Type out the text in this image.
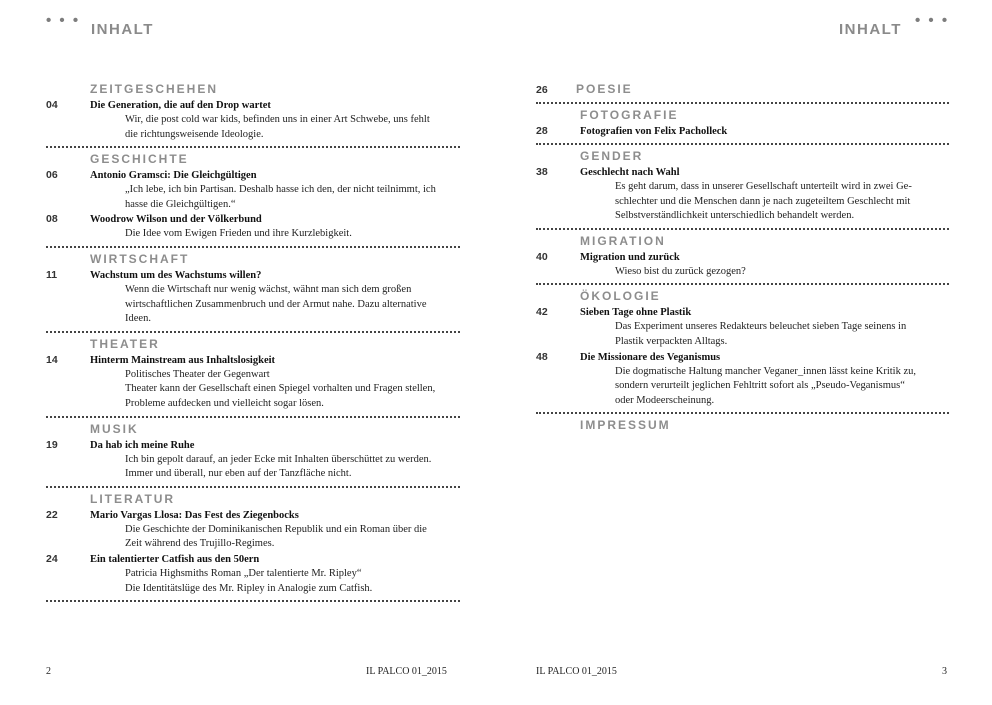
• • •
INHALT
ZEITGESCHEHEN
04	Die Generation, die auf den Drop wartet
Wir, die post cold war kids, befinden uns in einer Art Schwebe, uns fehlt
die richtungsweisende Ideologie.
GESCHICHTE
06	Antonio Gramsci: Die Gleichgültigen
„Ich lebe, ich bin Partisan. Deshalb hasse ich den, der nicht teilnimmt, ich
hasse die Gleichgültigen.“
08	Woodrow Wilson und der Völkerbund
Die Idee vom Ewigen Frieden und ihre Kurzlebigkeit.
WIRTSCHAFT
11	Wachstum um des Wachstums willen?
Wenn die Wirtschaft nur wenig wächst, wähnt man sich dem großen
wirtschaftlichen Zusammenbruch und der Armut nahe. Dazu alternative
Ideen.
THEATER
14	Hinterm Mainstream aus Inhaltslosigkeit
Politisches Theater der Gegenwart
Theater kann der Gesellschaft einen Spiegel vorhalten und Fragen stellen,
Probleme aufdecken und vielleicht sogar lösen.
MUSIK
19	Da hab ich meine Ruhe
Ich bin gepolt darauf, an jeder Ecke mit Inhalten überschüttet zu werden.
Immer und überall, nur eben auf der Tanzfläche nicht.
LITERATUR
22	Mario Vargas Llosa: Das Fest des Ziegenbocks
Die Geschichte der Dominikanischen Republik und ein Roman über die
Zeit während des Trujillo-Regimes.
24	Ein talentierter Catfish aus den 50ern
Patricia Highsmiths Roman „Der talentierte Mr. Ripley“
Die Identitätslüge des Mr. Ripley in Analogie zum Catfish.
2	IL PALCO 01_2015
INHALT
• • •
26	POESIE
FOTOGRAFIE
28	Fotografien von Felix Pacholleck
GENDER
38	Geschlecht nach Wahl
Es geht darum, dass in unserer Gesellschaft unterteilt wird in zwei Ge-
schlechter und die Menschen dann je nach zugeteiltem Geschlecht mit
Selbstverständlichkeit unterschiedlich behandelt werden.
MIGRATION
40	Migration und zurück
Wieso bist du zurück gezogen?
ÖKOLOGIE
42	Sieben Tage ohne Plastik
Das Experiment unseres Redakteurs beleuchet sieben Tage seinens in
Plastik verpackten Alltags.
48	Die Missionare des Veganismus
Die dogmatische Haltung mancher Veganer_innen lässt keine Kritik zu,
sondern verurteilt jeglichen Fehltritt sofort als „Pseudo-Veganismus“
oder Modeerscheinung.
IMPRESSUM
IL PALCO 01_2015	3
